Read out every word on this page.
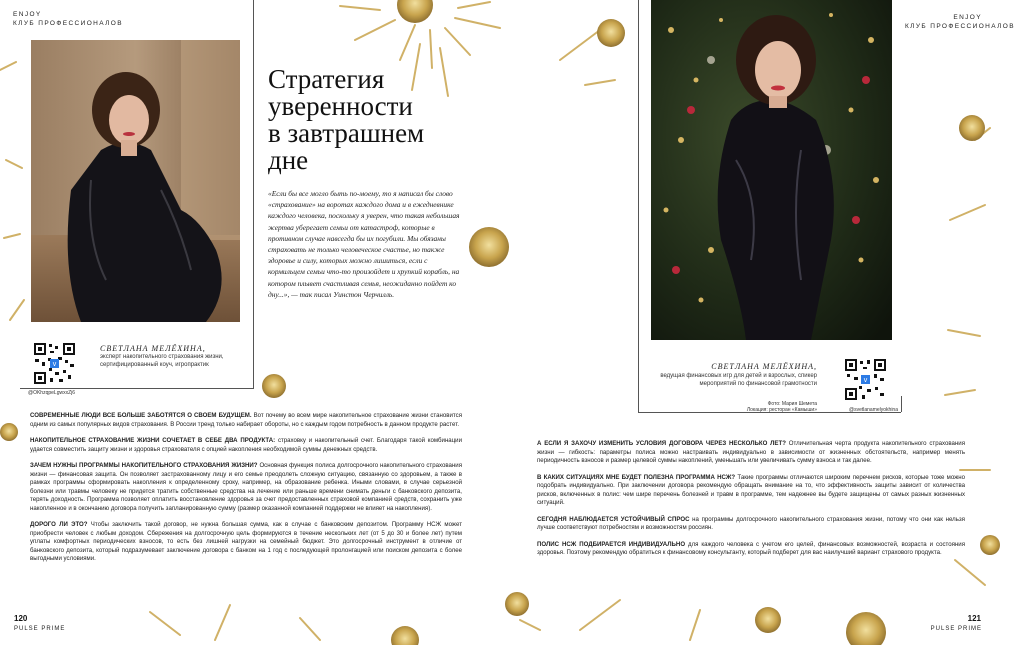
ENJOY
КЛУБ ПРОФЕССИОНАЛОВ
Стратегия
уверенности
в завтрашнем
дне
«Если бы все могло быть по-моему, то я написал бы слово «страхование» на воротах каждого дома и в ежедневнике каждого человека, поскольку я уверен, что такая небольшая жертва уберегает семьи от катастроф, которые в противном случае навсегда бы их погубили. Мы обязаны страховать не только человеческое счастье, но также здоровье и силу, которых можно лишиться, если с кормильцем семьи что-то произойдет и хрупкий корабль, на котором плывет счастливая семья, неожиданно пойдет ко дну...», — так писал Уинстон Черчилль.
v
@OKhzqpeLgwxxZj6
СВЕТЛАНА МЕЛЁХИНА,
эксперт накопительного страхования жизни, сертифицированный коуч, игропрактик

СОВРЕМЕННЫЕ ЛЮДИ ВСЕ БОЛЬШЕ ЗАБОТЯТСЯ О СВОЕМ БУДУЩЕМ. Вот почему во всем мире накопительное страхование жизни становится одним из самых популярных видов страхования. В России тренд только набирает обороты, но с каждым годом потребность в данном продукте растет.

НАКОПИТЕЛЬНОЕ СТРАХОВАНИЕ ЖИЗНИ СОЧЕТАЕТ В СЕБЕ ДВА ПРОДУКТА: страховку и накопительный счет. Благодаря такой комбинации удается совместить защиту жизни и здоровья страхователя с опцией накопления необходимой суммы денежных средств.

ЗАЧЕМ НУЖНЫ ПРОГРАММЫ НАКОПИТЕЛЬНОГО СТРАХОВАНИЯ ЖИЗНИ? Основная функция полиса долгосрочного накопительного страхования жизни — финансовая защита. Он позволяет застрахованному лицу и его семье преодолеть сложную ситуацию, связанную со здоровьем, а также в рамках программы сформировать накопления к определенному сроку, например, на образование ребенка. Иными словами, в случае серьезной болезни или травмы человеку не придется тратить собственные средства на лечение или раньше времени снимать деньги с банковского депозита, терять доходность. Программа позволяет оплатить восстановление здоровья за счет предоставленных страховой компанией средств, сохранить уже накопленное и в окончанию договора получить запланированную сумму (размер оказанной компанией поддержки не влияет на накопления).

ДОРОГО ЛИ ЭТО? Чтобы заключить такой договор, не нужна большая сумма, как в случае с банковским депозитом. Программу НСЖ может приобрести человек с любым доходом. Сбережения на долгосрочную цель формируются в течение нескольких лет (от 5 до 30 и более лет) путем уплаты комфортных периодических взносов, то есть без лишней нагрузки на семейный бюджет. Это долгосрочный инструмент в отличие от банковского депозита, который подразумевает заключение договора с банком на 1 год с последующей пролонгацией или поиском депозита с более выгодными условиями.

120
PULSE PRIME
ENJOY
КЛУБ ПРОФЕССИОНАЛОВ
СВЕТЛАНА МЕЛЁХИНА,
ведущая финансовых игр для детей и взрослых, спикер мероприятий по финансовой грамотности
Фото: Мария Шемета
Локация: ресторан «Камыши»
v
@svetlanamelyokhina

А ЕСЛИ Я ЗАХОЧУ ИЗМЕНИТЬ УСЛОВИЯ ДОГОВОРА ЧЕРЕЗ НЕСКОЛЬКО ЛЕТ? Отличительная черта продукта накопительного страхования жизни — гибкость: параметры полиса можно настраивать индивидуально в зависимости от жизненных обстоятельств, например менять периодичность взносов и размер целевой суммы накоплений, уменьшать или увеличивать сумму взноса и так далее.

В КАКИХ СИТУАЦИЯХ МНЕ БУДЕТ ПОЛЕЗНА ПРОГРАММА НСЖ? Такие программы отличаются широким перечнем рисков, которые тоже можно подобрать индивидуально. При заключении договора рекомендую обращать внимание на то, что эффективность защиты зависит от количества рисков, включенных в полис: чем шире перечень болезней и травм в программе, тем надежнее вы будете защищены от самых разных жизненных ситуаций.

СЕГОДНЯ НАБЛЮДАЕТСЯ УСТОЙЧИВЫЙ СПРОС на программы долгосрочного накопительного страхования жизни, потому что они как нельзя лучше соответствуют потребностям и возможностям россиян.

ПОЛИС НСЖ ПОДБИРАЕТСЯ ИНДИВИДУАЛЬНО для каждого человека с учетом его целей, финансовых возможностей, возраста и состояния здоровья. Поэтому рекомендую обратиться к финансовому консультанту, который подберет для вас наилучший вариант страхового продукта.

121
PULSE PRIME
